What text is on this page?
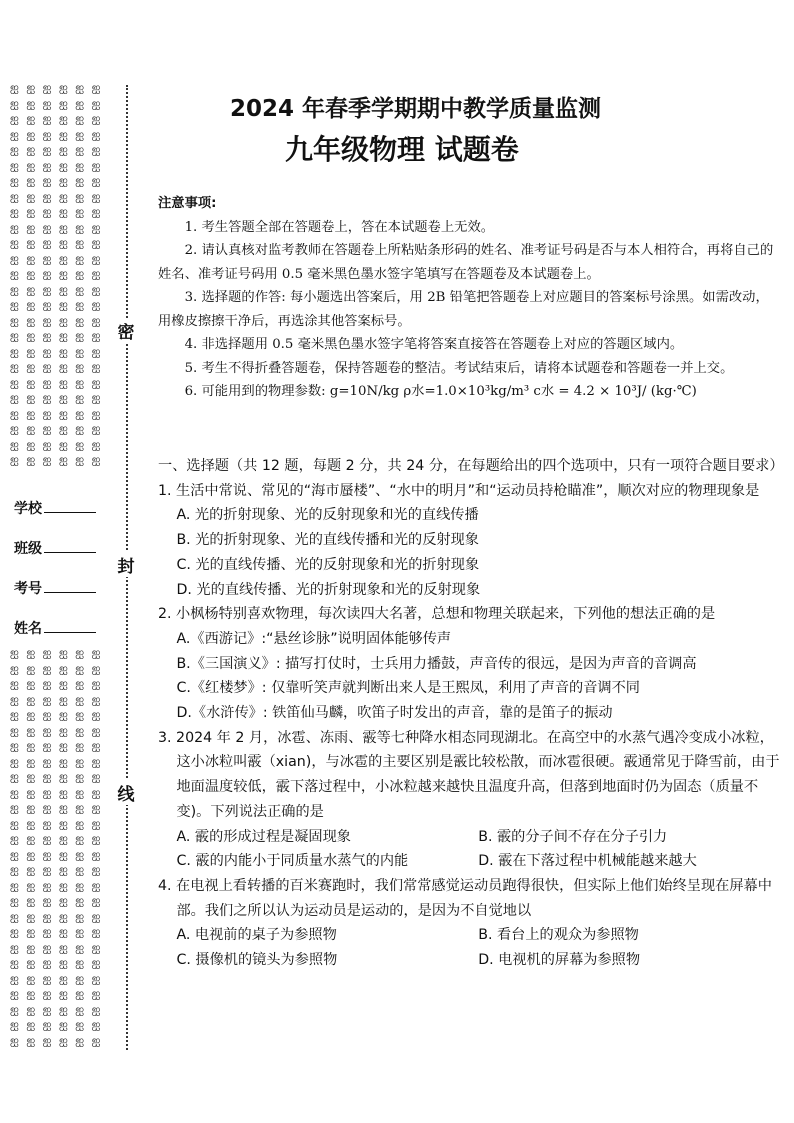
ஐ ஐ ஐ ஐ ஐ ஐ
ஐ ஐ ஐ ஐ ஐ ஐ
ஐ ஐ ஐ ஐ ஐ ஐ
ஐ ஐ ஐ ஐ ஐ ஐ
ஐ ஐ ஐ ஐ ஐ ஐ
ஐ ஐ ஐ ஐ ஐ ஐ
ஐ ஐ ஐ ஐ ஐ ஐ
ஐ ஐ ஐ ஐ ஐ ஐ
ஐ ஐ ஐ ஐ ஐ ஐ
ஐ ஐ ஐ ஐ ஐ ஐ
ஐ ஐ ஐ ஐ ஐ ஐ
ஐ ஐ ஐ ஐ ஐ ஐ
ஐ ஐ ஐ ஐ ஐ ஐ
ஐ ஐ ஐ ஐ ஐ ஐ
ஐ ஐ ஐ ஐ ஐ ஐ
ஐ ஐ ஐ ஐ ஐ ஐ
ஐ ஐ ஐ ஐ ஐ ஐ
ஐ ஐ ஐ ஐ ஐ ஐ
ஐ ஐ ஐ ஐ ஐ ஐ
ஐ ஐ ஐ ஐ ஐ ஐ
ஐ ஐ ஐ ஐ ஐ ஐ
ஐ ஐ ஐ ஐ ஐ ஐ
ஐ ஐ ஐ ஐ ஐ ஐ
ஐ ஐ ஐ ஐ ஐ ஐ
ஐ ஐ ஐ ஐ ஐ ஐ
ஐ ஐ ஐ ஐ ஐ ஐ
ஐ ஐ ஐ ஐ ஐ ஐ
ஐ ஐ ஐ ஐ ஐ ஐ
ஐ ஐ ஐ ஐ ஐ ஐ
ஐ ஐ ஐ ஐ ஐ ஐ
ஐ ஐ ஐ ஐ ஐ ஐ
ஐ ஐ ஐ ஐ ஐ ஐ
ஐ ஐ ஐ ஐ ஐ ஐ
ஐ ஐ ஐ ஐ ஐ ஐ
ஐ ஐ ஐ ஐ ஐ ஐ
ஐ ஐ ஐ ஐ ஐ ஐ
ஐ ஐ ஐ ஐ ஐ ஐ
ஐ ஐ ஐ ஐ ஐ ஐ
ஐ ஐ ஐ ஐ ஐ ஐ
ஐ ஐ ஐ ஐ ஐ ஐ
ஐ ஐ ஐ ஐ ஐ ஐ
ஐ ஐ ஐ ஐ ஐ ஐ
ஐ ஐ ஐ ஐ ஐ ஐ
ஐ ஐ ஐ ஐ ஐ ஐ
ஐ ஐ ஐ ஐ ஐ ஐ
ஐ ஐ ஐ ஐ ஐ ஐ
ஐ ஐ ஐ ஐ ஐ ஐ
ஐ ஐ ஐ ஐ ஐ ஐ
ஐ ஐ ஐ ஐ ஐ ஐ
ஐ ஐ ஐ ஐ ஐ ஐ
ஐ ஐ ஐ ஐ ஐ ஐ
密
封
线
学校
班级
考号
姓名
2024 年春季学期期中教学质量监测
九年级物理 试题卷
注意事项:

1. 考生答题全部在答题卷上，答在本试题卷上无效。

2. 请认真核对监考教师在答题卷上所粘贴条形码的姓名、准考证号码是否与本人相符合，再将自己的姓名、准考证号码用 0.5 毫米黑色墨水签字笔填写在答题卷及本试题卷上。

3. 选择题的作答: 每小题选出答案后，用 2B 铅笔把答题卷上对应题目的答案标号涂黑。如需改动，用橡皮擦擦干净后，再选涂其他答案标号。

4. 非选择题用 0.5 毫米黑色墨水签字笔将答案直接答在答题卷上对应的答题区域内。

5. 考生不得折叠答题卷，保持答题卷的整洁。考试结束后，请将本试题卷和答题卷一并上交。

6. 可能用到的物理参数: g=10N/kg ρ水=1.0×10³kg/m³ c水 = 4.2 × 10³J/ (kg·℃)

一、选择题（共 12 题，每题 2 分，共 24 分，在每题给出的四个选项中，只有一项符合题目要求）

1. 生活中常说、常见的“海市蜃楼”、“水中的明月”和“运动员持枪瞄准”，顺次对应的物理现象是

A. 光的折射现象、光的反射现象和光的直线传播

B. 光的折射现象、光的直线传播和光的反射现象

C. 光的直线传播、光的反射现象和光的折射现象

D. 光的直线传播、光的折射现象和光的反射现象

2. 小枫杨特别喜欢物理，每次读四大名著，总想和物理关联起来，下列他的想法正确的是

A.《西游记》:“悬丝诊脉”说明固体能够传声

B.《三国演义》: 描写打仗时，士兵用力播鼓，声音传的很远，是因为声音的音调高

C.《红楼梦》: 仅靠听笑声就判断出来人是王熙凤，利用了声音的音调不同

D.《水浒传》: 铁笛仙马麟，吹笛子时发出的声音，靠的是笛子的振动

3. 2024 年 2 月，冰雹、冻雨、霰等七种降水相态同现湖北。在高空中的水蒸气遇冷变成小冰粒，这小冰粒叫霰（xian)，与冰雹的主要区别是霰比较松散，而冰雹很硬。霰通常见于降雪前，由于地面温度较低，霰下落过程中，小冰粒越来越快且温度升高，但落到地面时仍为固态（质量不变)。下列说法正确的是

A. 霰的形成过程是凝固现象	B. 霰的分子间不存在分子引力
C. 霰的内能小于同质量水蒸气的内能	D. 霰在下落过程中机械能越来越大

4. 在电视上看转播的百米赛跑时，我们常常感觉运动员跑得很快，但实际上他们始终呈现在屏幕中部。我们之所以认为运动员是运动的，是因为不自觉地以

A. 电视前的桌子为参照物	B. 看台上的观众为参照物
C. 摄像机的镜头为参照物	D. 电视机的屏幕为参照物
